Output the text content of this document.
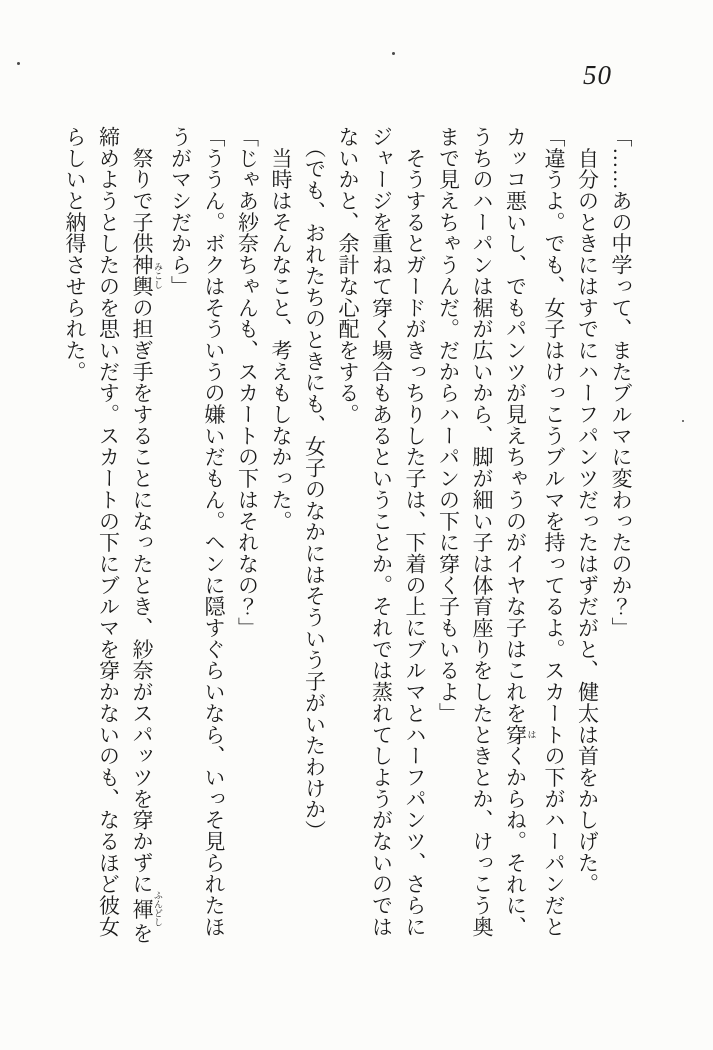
50
「……あの中学って、またブルマに変わったのか？」
　自分のときにはすでにハーフパンツだったはずだがと、健太は首をかしげた。
「違うよ。でも、女子はけっこうブルマを持ってるよ。スカートの下がハーパンだと
カッコ悪いし、でもパンツが見えちゃうのがイヤな子はこれを穿 はくからね。それに、
うちのハーパンは裾が広いから、脚が細い子は体育座りをしたときとか、けっこう奥
まで見えちゃうんだ。だからハーパンの下に穿く子もいるよ」
　そうするとガードがきっちりした子は、下着の上にブルマとハーフパンツ、さらに
ジャージを重ねて穿く場合もあるということか。それでは蒸れてしようがないのでは
ないかと、余計な心配をする。
　（でも、おれたちのときにも、女子のなかにはそういう子がいたわけか）
　当時はそんなこと、考えもしなかった。
「じゃあ紗奈ちゃんも、スカートの下はそれなの？」
「ううん。ボクはそういうの嫌いだもん。ヘンに隠すぐらいなら、いっそ見られたほ
うがマシだから」
　祭りで子供神輿 みこしの担ぎ手をすることになったとき、紗奈がスパッツを穿かずに褌 ふんどしを
締めようとしたのを思いだす。スカートの下にブルマを穿かないのも、なるほど彼女
らしいと納得させられた。
